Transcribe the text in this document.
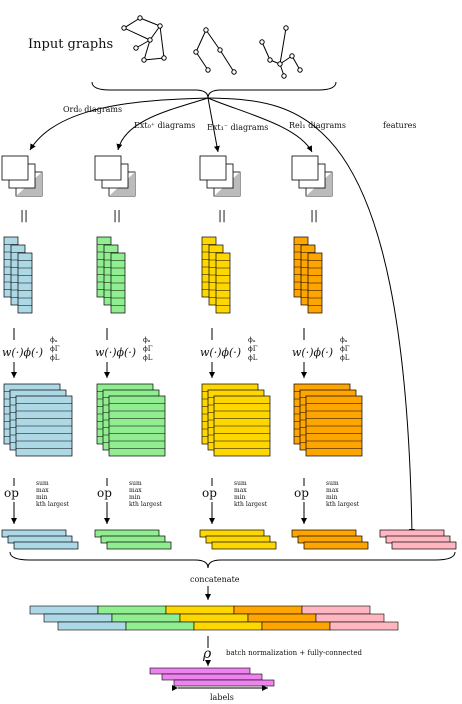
Input graphs
Ord₀ diagrams
Ext₀⁺ diagrams Ext₁⁻ diagrams	Rel₁ diagrams	features
||
w(·)ϕ(·)
ϕₐ
ϕΓ
ϕL
op
sum
max
min
kth largest
||
w(·)ϕ(·)
ϕₐ
ϕΓ
ϕL
op
sum
max
min
kth largest
||
w(·)ϕ(·)
ϕₐ
ϕΓ
ϕL
op
sum
max
min
kth largest
||
w(·)ϕ(·)
ϕₐ
ϕΓ
ϕL
op
sum
max
min
kth largest
concatenate
ρ batch normalization + fully-connected
labels
